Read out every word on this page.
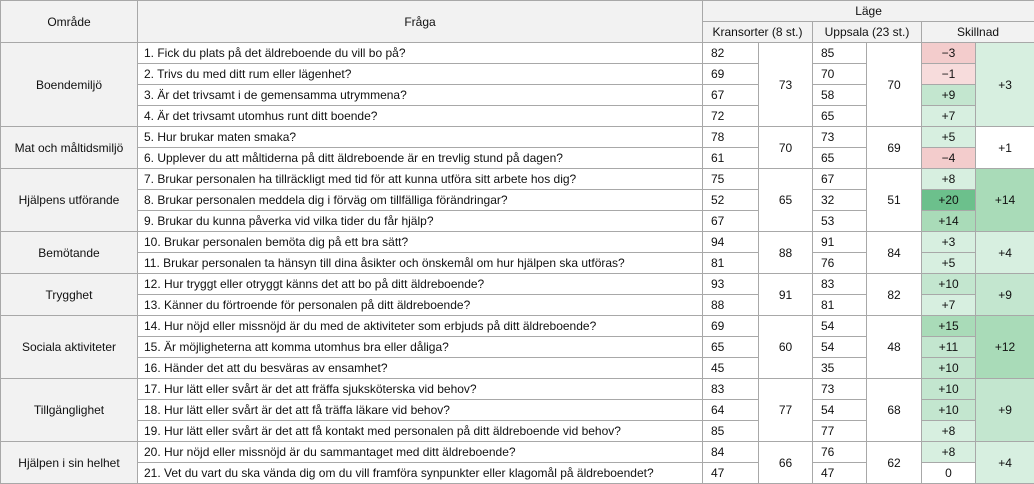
Område	Fråga	Läge					
		Kransorter (8 st.)		Uppsala (23 st.)		Skillnad	
Boendemiljö	1. Fick du plats på det äldreboende du vill bo på?	82	73	85	70	−3	+3
	2. Trivs du med ditt rum eller lägenhet?	69		70		−1	
	3. Är det trivsamt i de gemensamma utrymmena?	67		58		+9	
	4. Är det trivsamt utomhus runt ditt boende?	72		65		+7	
Mat och måltidsmiljö	5. Hur brukar maten smaka?	78	70	73	69	+5	+1
	6. Upplever du att måltiderna på ditt äldreboende är en trevlig stund på dagen?	61		65		−4	
Hjälpens utförande	7. Brukar personalen ha tillräckligt med tid för att kunna utföra sitt arbete hos dig?	75	65	67	51	+8	+14
	8. Brukar personalen meddela dig i förväg om tillfälliga förändringar?	52		32		+20	
	9. Brukar du kunna påverka vid vilka tider du får hjälp?	67		53		+14	
Bemötande	10. Brukar personalen bemöta dig på ett bra sätt?	94	88	91	84	+3	+4
	11. Brukar personalen ta hänsyn till dina åsikter och önskemål om hur hjälpen ska utföras?	81		76		+5	
Trygghet	12. Hur tryggt eller otryggt känns det att bo på ditt äldreboende?	93	91	83	82	+10	+9
	13. Känner du förtroende för personalen på ditt äldreboende?	88		81		+7	
Sociala aktiviteter	14. Hur nöjd eller missnöjd är du med de aktiviteter som erbjuds på ditt äldreboende?	69	60	54	48	+15	+12
	15. Är möjligheterna att komma utomhus bra eller dåliga?	65		54		+11	
	16. Händer det att du besväras av ensamhet?	45		35		+10	
Tillgänglighet	17. Hur lätt eller svårt är det att fräffa sjuksköterska vid behov?	83	77	73	68	+10	+9
	18. Hur lätt eller svårt är det att få träffa läkare vid behov?	64		54		+10	
	19. Hur lätt eller svårt är det att få kontakt med personalen på ditt äldreboende vid behov?	85		77		+8	
Hjälpen i sin helhet	20. Hur nöjd eller missnöjd är du sammantaget med ditt äldreboende?	84	66	76	62	+8	+4
	21. Vet du vart du ska vända dig om du vill framföra synpunkter eller klagomål på äldreboendet?	47		47		0	
